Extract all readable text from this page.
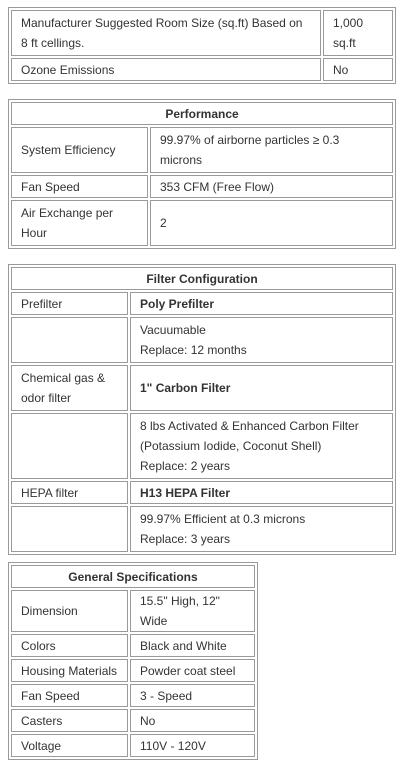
Manufacturer Suggested Room Size (sq.ft) Based on 8 ft cellings.	1,000 sq.ft
Ozone Emissions	No
Performance	
System Efficiency	99.97% of airborne particles ≥ 0.3 microns
Fan Speed	353 CFM (Free Flow)
Air Exchange per Hour	2
Filter Configuration	
Prefilter	Poly Prefilter

	Vacuumable
Replace: 12 months

Chemical gas & odor filter	1" Carbon Filter

	8 lbs Activated & Enhanced Carbon Filter (Potassium Iodide, Coconut Shell)
Replace: 2 years

HEPA filter	H13 HEPA Filter

	99.97% Efficient at 0.3 microns
Replace: 3 years
General Specifications	
Dimension	15.5" High, 12" Wide
Colors	Black and White
Housing Materials	Powder coat steel
Fan Speed	3 - Speed
Casters	No
Voltage	110V - 120V
